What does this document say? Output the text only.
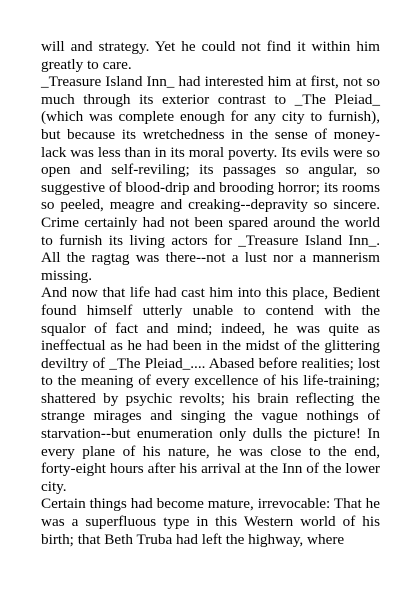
will and strategy. Yet he could not find it within him greatly to care.

_Treasure Island Inn_ had interested him at first, not so much through its exterior contrast to _The Pleiad_ (which was complete enough for any city to furnish), but because its wretchedness in the sense of money-lack was less than in its moral poverty. Its evils were so open and self-reviling; its passages so angular, so suggestive of blood-drip and brooding horror; its rooms so peeled, meagre and creaking--depravity so sincere. Crime certainly had not been spared around the world to furnish its living actors for _Treasure Island Inn_. All the ragtag was there--not a lust nor a mannerism missing.

And now that life had cast him into this place, Bedient found himself utterly unable to contend with the squalor of fact and mind; indeed, he was quite as ineffectual as he had been in the midst of the glittering deviltry of _The Pleiad_.... Abased before realities; lost to the meaning of every excellence of his life-training; shattered by psychic revolts; his brain reflecting the strange mirages and singing the vague nothings of starvation--but enumeration only dulls the picture! In every plane of his nature, he was close to the end, forty-eight hours after his arrival at the Inn of the lower city.

Certain things had become mature, irrevocable: That he was a superfluous type in this Western world of his birth; that Beth Truba had left the highway, where
